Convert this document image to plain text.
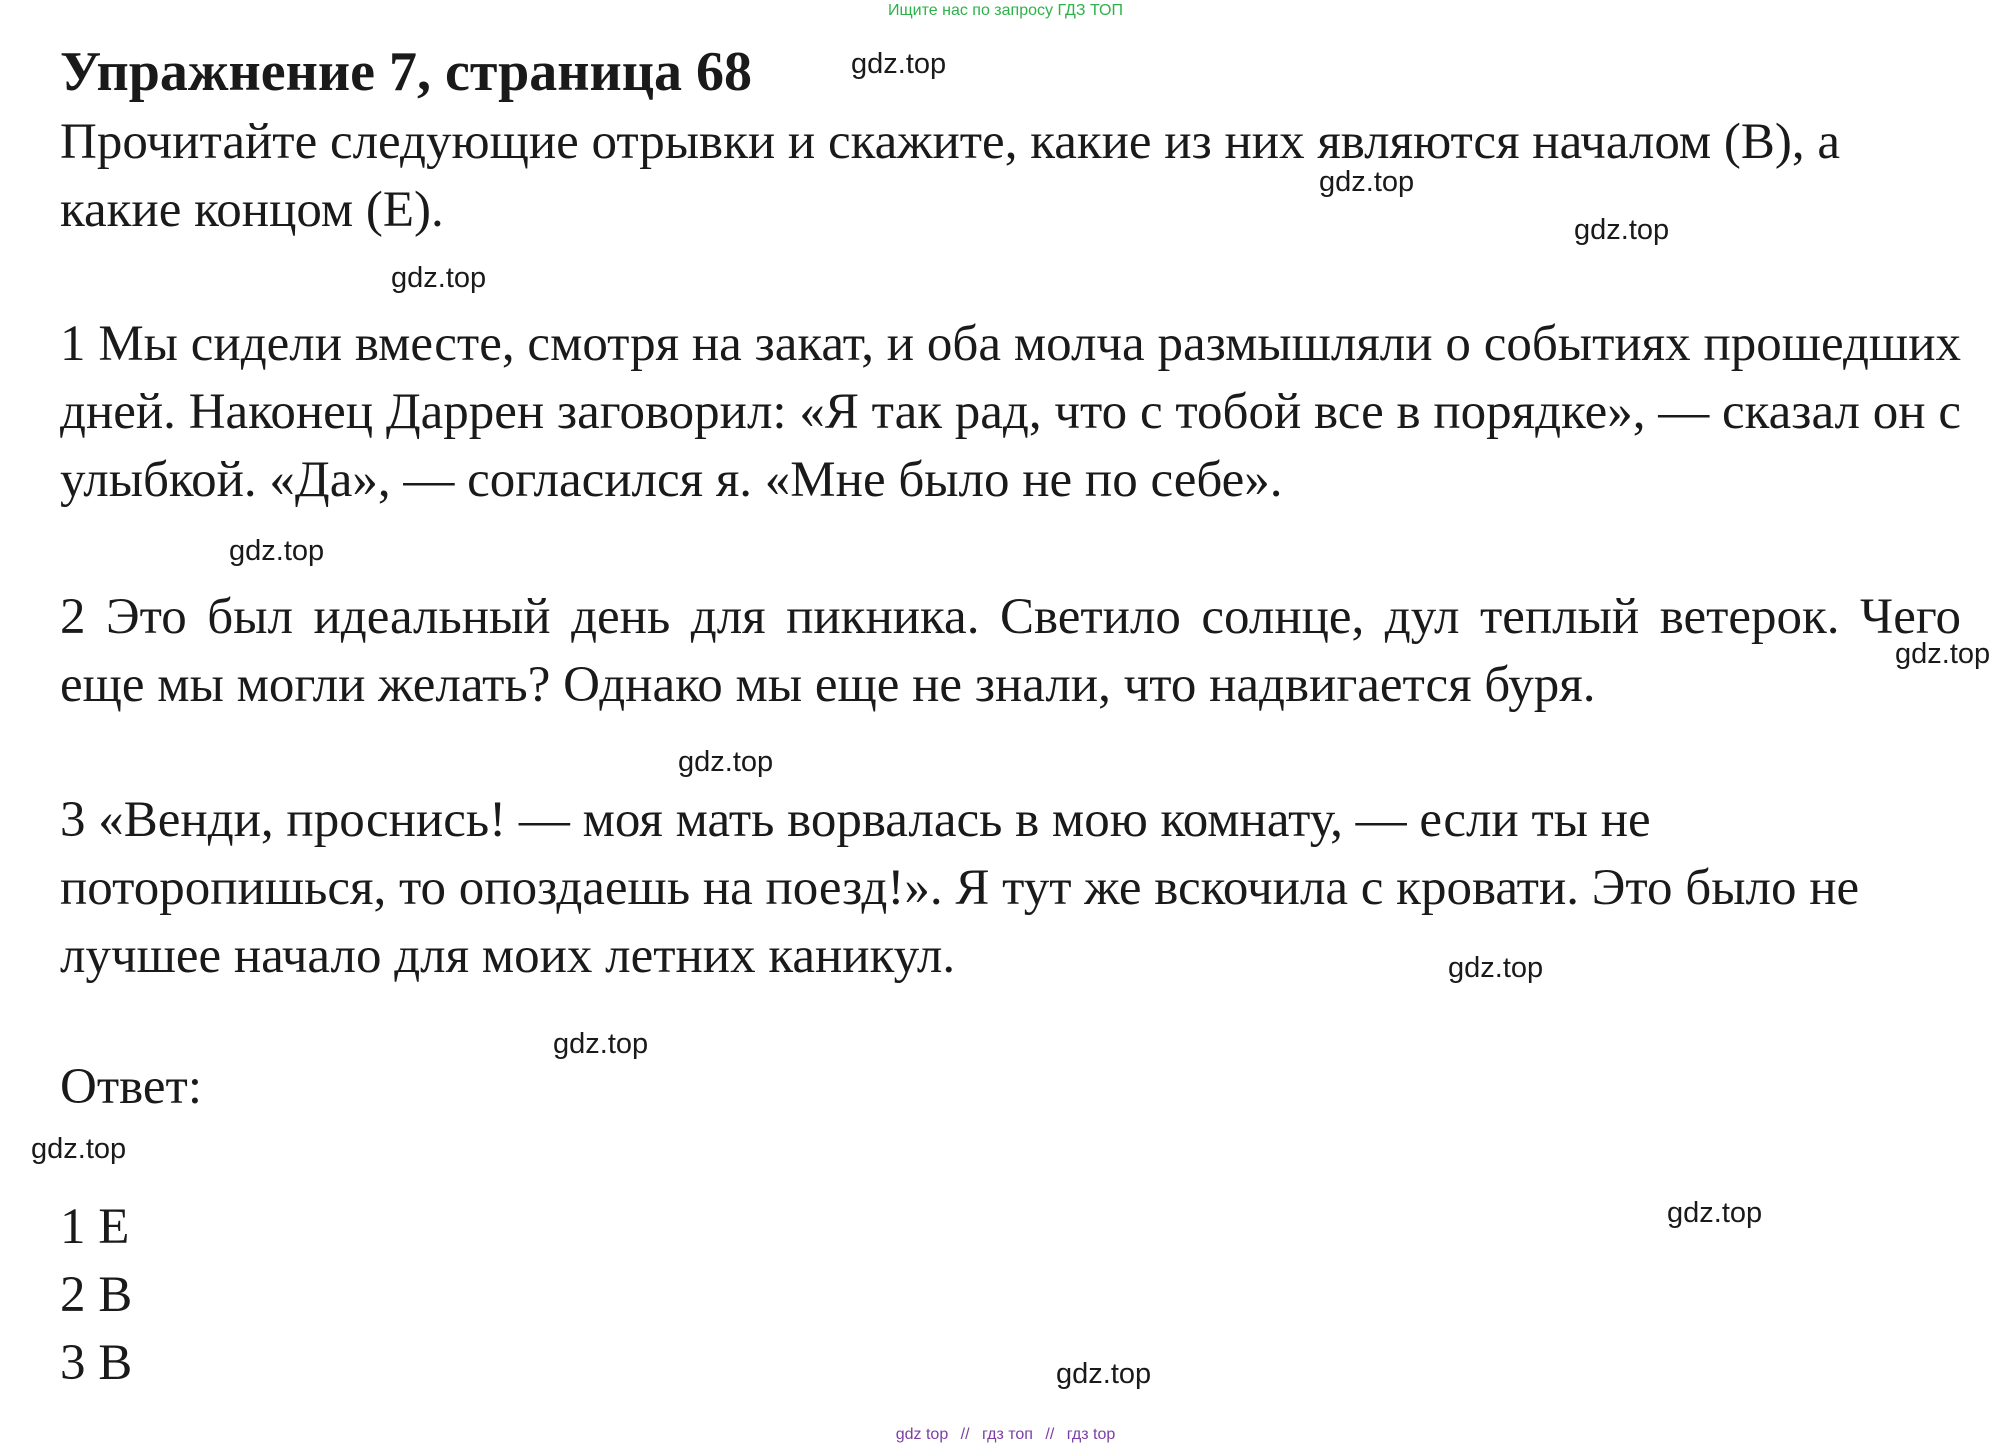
Ищите нас по запросу ГДЗ ТОП
Упражнение 7, страница 68

Прочитайте следующие отрывки и скажите, какие из них являются началом (B), а какие концом (E).

1 Мы сидели вместе, смотря на закат, и оба молча размышляли о событиях прошедших дней. Наконец Даррен заговорил: «Я так рад, что с тобой все в порядке», — сказал он с улыбкой. «Да», — согласился я. «Мне было не по себе».

2 Это был идеальный день для пикника. Светило солнце, дул теплый ветерок. Чего еще мы могли желать? Однако мы еще не знали, что надвигается буря.

3 «Венди, проснись! — моя мать ворвалась в мою комнату, — если ты не поторопишься, то опоздаешь на поезд!». Я тут же вскочила с кровати. Это было не лучшее начало для моих летних каникул.

Ответ:
1 E
2 B
3 B
gdz.top
gdz.top
gdz.top
gdz.top
gdz.top
gdz.top
gdz.top
gdz.top
gdz.top
gdz.top
gdz.top
gdz.top
gdz top // гдз топ // гдз top
